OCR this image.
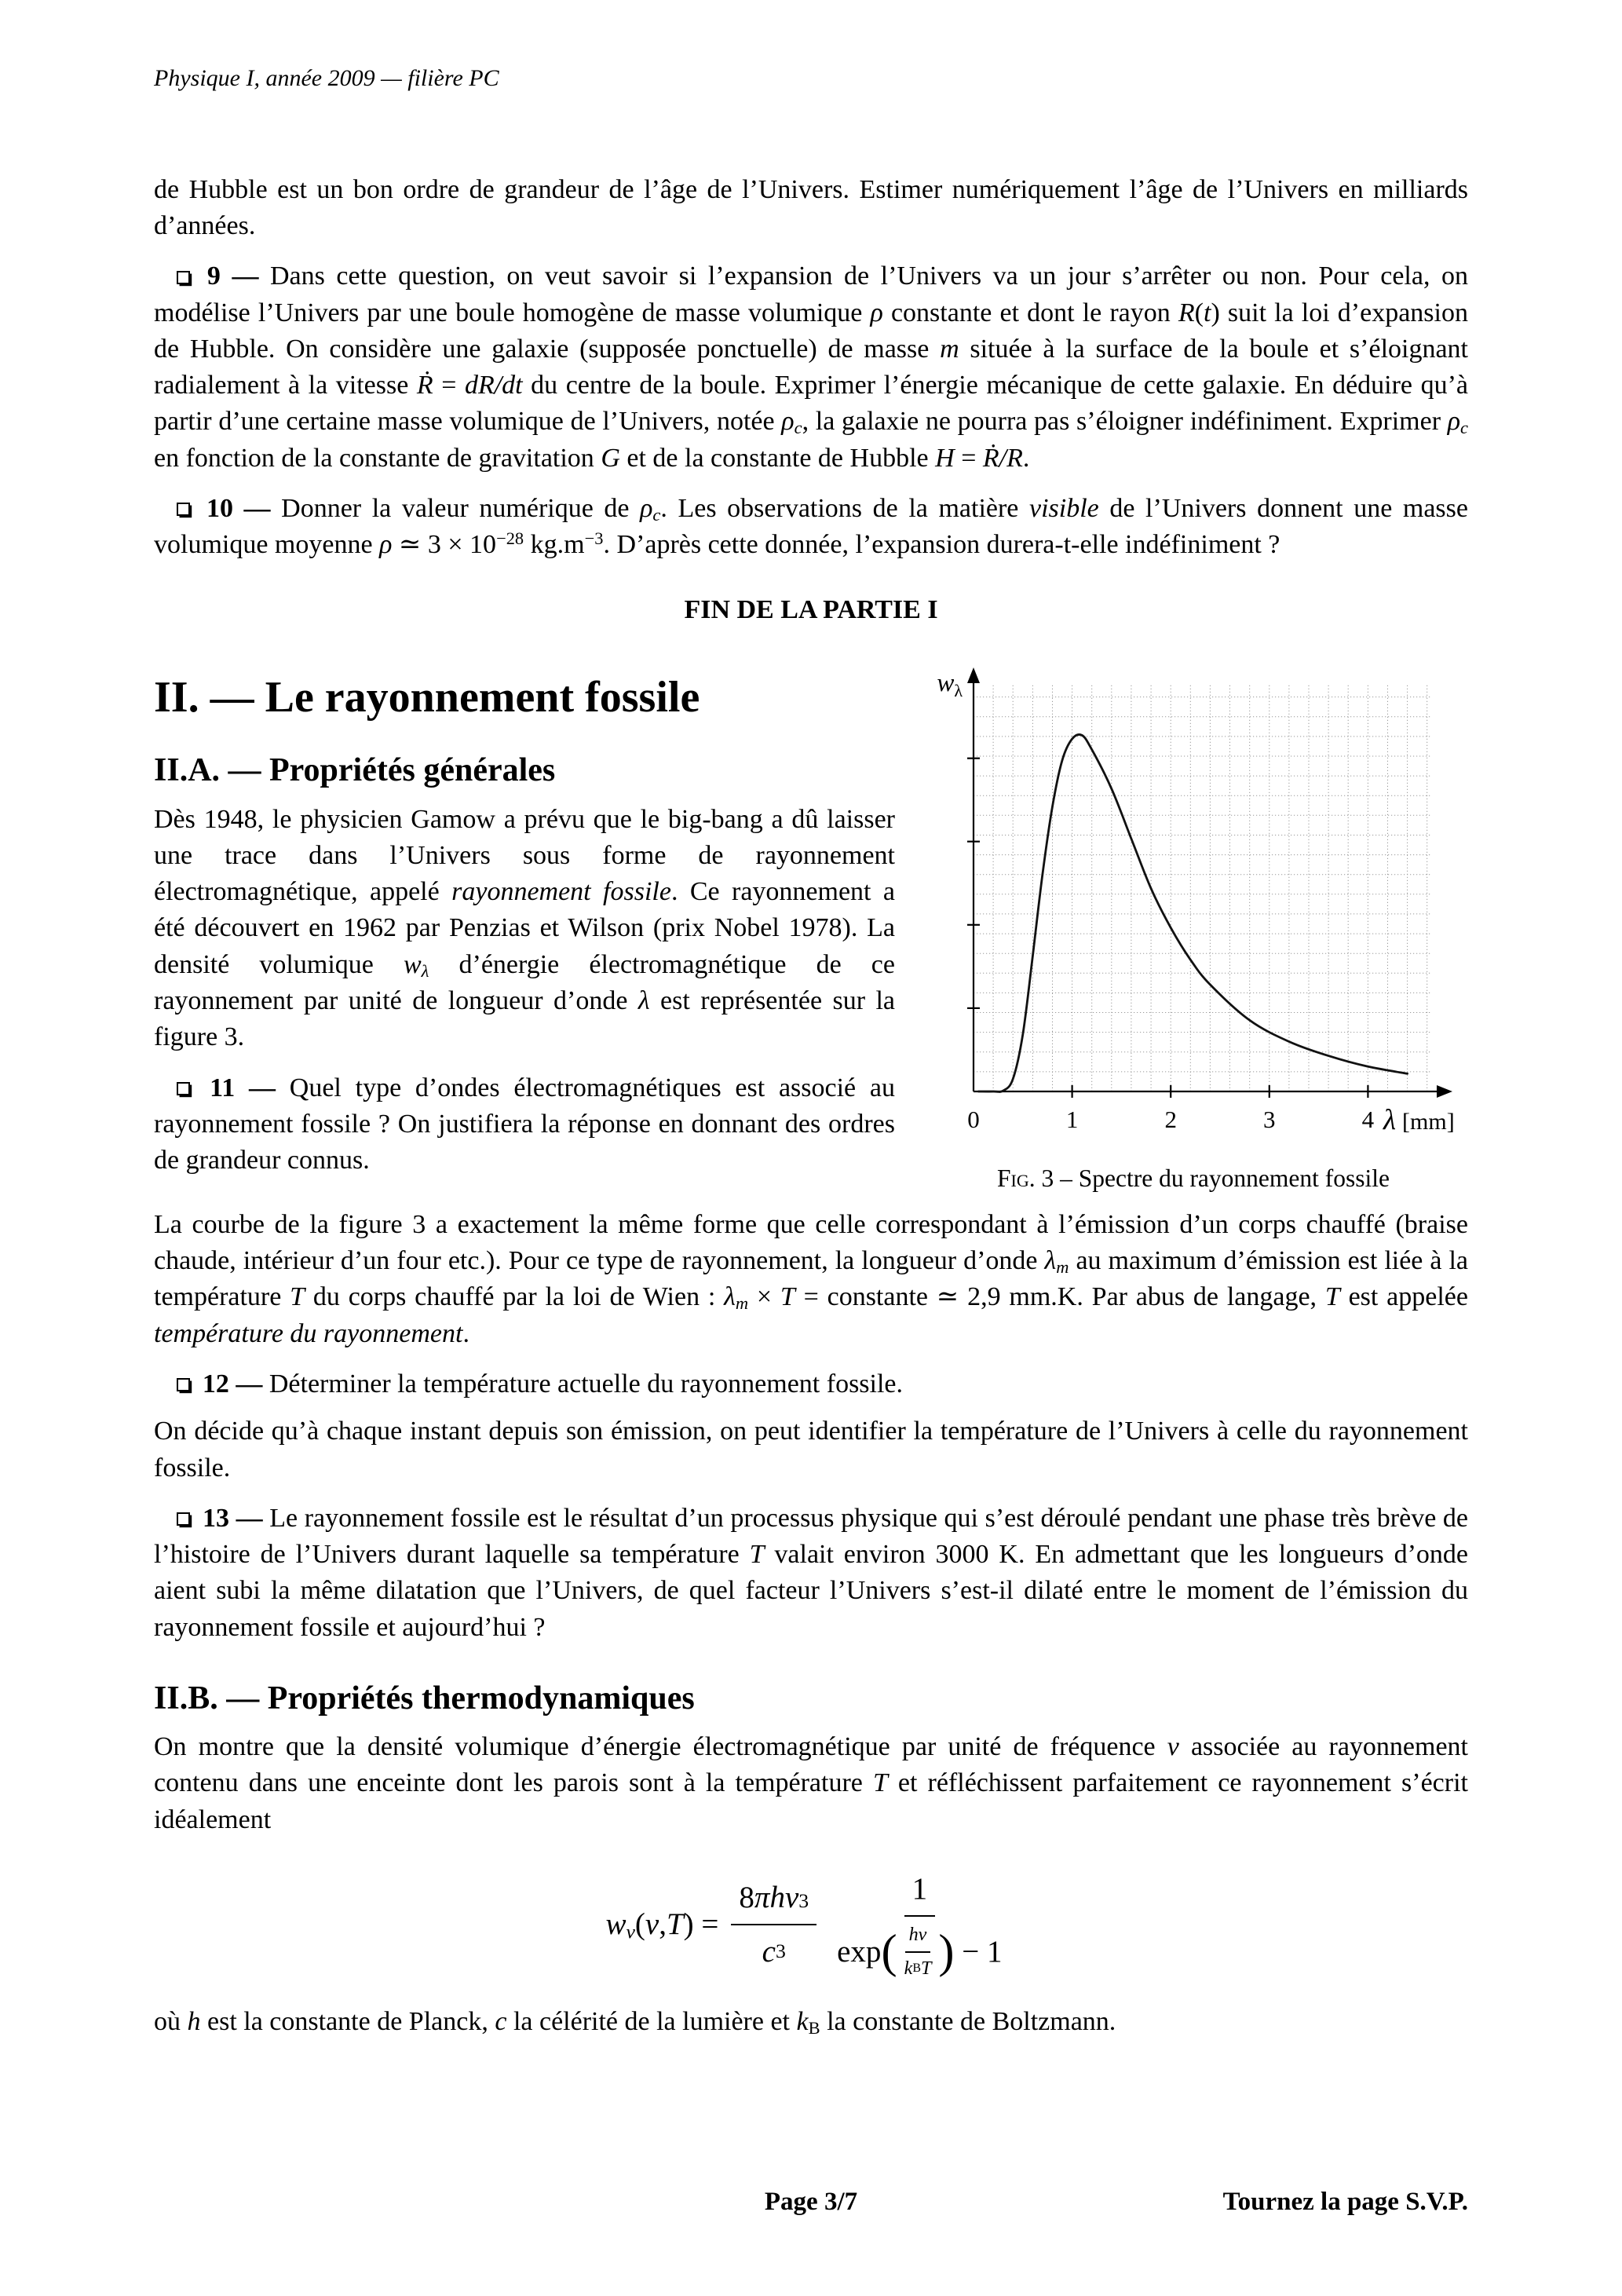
Physique I, année 2009 — filière PC

de Hubble est un bon ordre de grandeur de l’âge de l’Univers. Estimer numériquement l’âge de l’Univers en milliards d’années.

9 — Dans cette question, on veut savoir si l’expansion de l’Univers va un jour s’arrêter ou non. Pour cela, on modélise l’Univers par une boule homogène de masse volumique ρ constante et dont le rayon R(t) suit la loi d’expansion de Hubble. On considère une galaxie (supposée ponctuelle) de masse m située à la surface de la boule et s’éloignant radialement à la vitesse Ṙ = dR/dt du centre de la boule. Exprimer l’énergie mécanique de cette galaxie. En déduire qu’à partir d’une certaine masse volumique de l’Univers, notée ρc, la galaxie ne pourra pas s’éloigner indéfiniment. Exprimer ρc en fonction de la constante de gravitation G et de la constante de Hubble H = Ṙ/R.

10 — Donner la valeur numérique de ρc. Les observations de la matière visible de l’Univers donnent une masse volumique moyenne ρ ≃ $3 \times 10^{-28}$ $kg.m^{-3}$. D’après cette donnée, l’expansion durera-t-elle indéfiniment ?

FIN DE LA PARTIE I
II. — Le rayonnement fossile
II.A. — Propriétés générales

Dès 1948, le physicien Gamow a prévu que le big-bang a dû laisser une trace dans l’Univers sous forme de rayonnement électromagnétique, appelé rayonnement fossile. Ce rayonnement a été découvert en 1962 par Penzias et Wilson (prix Nobel 1978). La densité volumique wλ d’énergie électromagnétique de ce rayonnement par unité de longueur d’onde λ est représentée sur la figure 3.

11 — Quel type d’ondes électromagnétiques est associé au rayonnement fossile ? On justifiera la réponse en donnant des ordres de grandeur connus.

0	1	2	3	4
$w_\lambda$
λ [mm]
Fig. 3 – Spectre du rayonnement fossile

La courbe de la figure 3 a exactement la même forme que celle correspondant à l’émission d’un corps chauffé (braise chaude, intérieur d’un four etc.). Pour ce type de rayonnement, la longueur d’onde λm au maximum d’émission est liée à la température T du corps chauffé par la loi de Wien : λm × T = constante ≃ 2,9 mm.K. Par abus de langage, T est appelée température du rayonnement.

12 — Déterminer la température actuelle du rayonnement fossile.

On décide qu’à chaque instant depuis son émission, on peut identifier la température de l’Univers à celle du rayonnement fossile.

13 — Le rayonnement fossile est le résultat d’un processus physique qui s’est déroulé pendant une phase très brève de l’histoire de l’Univers durant laquelle sa température T valait environ 3000 K. En admettant que les longueurs d’onde aient subi la même dilatation que l’Univers, de quel facteur l’Univers s’est-il dilaté entre le moment de l’émission du rayonnement fossile et aujourd’hui ?

II.B. — Propriétés thermodynamiques

On montre que la densité volumique d’énergie électromagnétique par unité de fréquence ν associée au rayonnement contenu dans une enceinte dont les parois sont à la température T et réfléchissent parfaitement ce rayonnement s’écrit idéalement

$w\nu(\nu,T) = \frac{\text{8 π h ν 3}}{c 3}$	1
exp ( $\frac{\text{h ν}}{\text{k B T}}$ ) − 1

où h est la constante de Planck, c la célérité de la lumière et kB la constante de Boltzmann.

Page 3/7	Tournez la page S.V.P.
